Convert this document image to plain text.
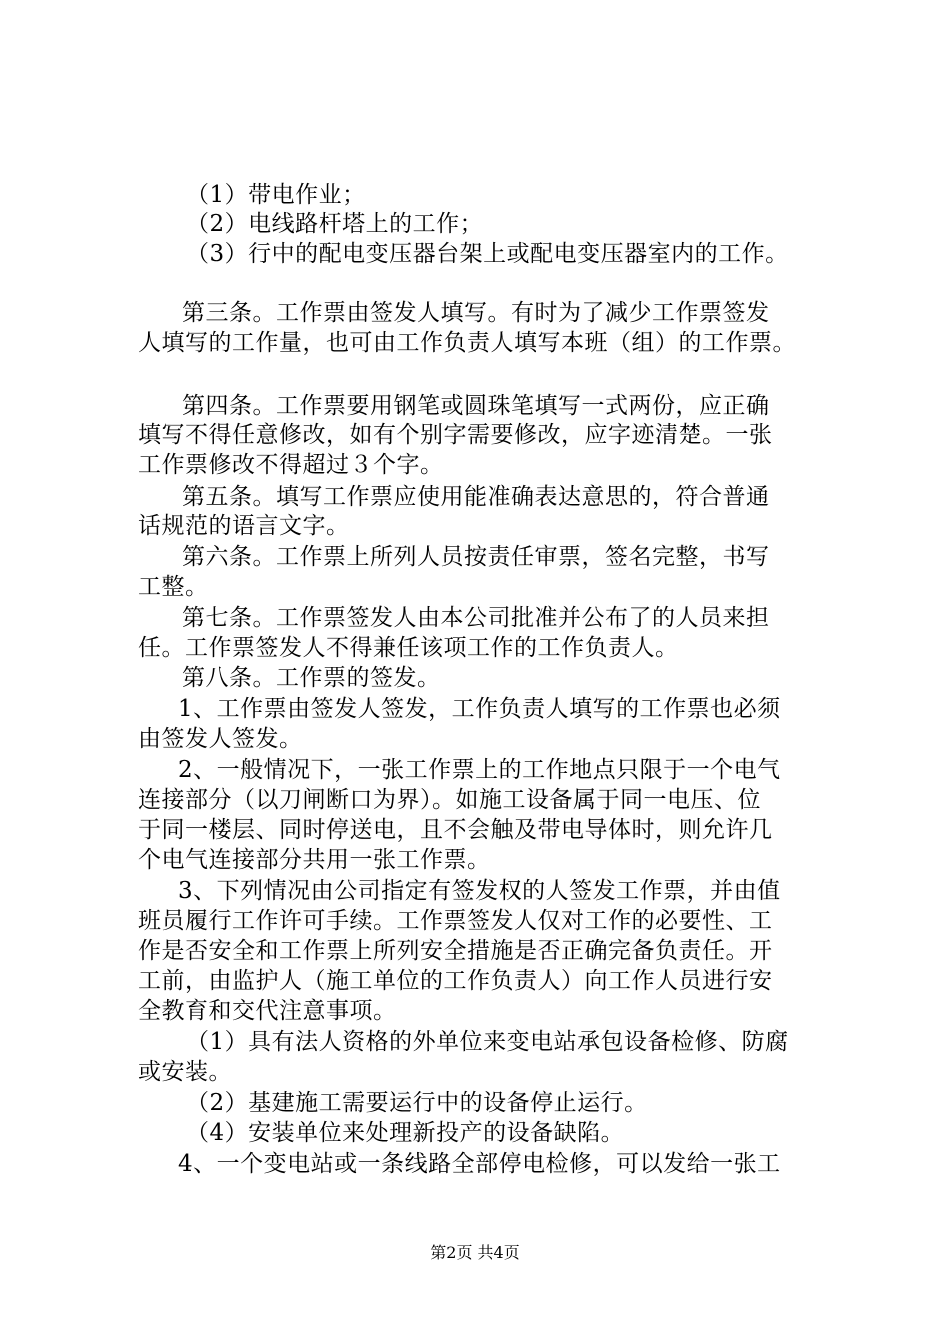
（1）带电作业；
（2）电线路杆塔上的工作；
（3）行中的配电变压器台架上或配电变压器室内的工作。
第三条。工作票由签发人填写。有时为了减少工作票签发
人填写的工作量，也可由工作负责人填写本班（组）的工作票。
第四条。工作票要用钢笔或圆珠笔填写一式两份，应正确
填写不得任意修改，如有个别字需要修改，应字迹清楚。一张
工作票修改不得超过３个字。
第五条。填写工作票应使用能准确表达意思的，符合普通
话规范的语言文字。
第六条。工作票上所列人员按责任审票，签名完整，书写
工整。
第七条。工作票签发人由本公司批准并公布了的人员来担
任。工作票签发人不得兼任该项工作的工作负责人。
第八条。工作票的签发。
1、工作票由签发人签发，工作负责人填写的工作票也必须
由签发人签发。
2、一般情况下，一张工作票上的工作地点只限于一个电气
连接部分（以刀闸断口为界）。如施工设备属于同一电压、位
于同一楼层、同时停送电，且不会触及带电导体时，则允许几
个电气连接部分共用一张工作票。
3、下列情况由公司指定有签发权的人签发工作票，并由值
班员履行工作许可手续。工作票签发人仅对工作的必要性、工
作是否安全和工作票上所列安全措施是否正确完备负责任。开
工前，由监护人（施工单位的工作负责人）向工作人员进行安
全教育和交代注意事项。
（1）具有法人资格的外单位来变电站承包设备检修、防腐
或安装。
（2）基建施工需要运行中的设备停止运行。
（4）安装单位来处理新投产的设备缺陷。
4、一个变电站或一条线路全部停电检修，可以发给一张工
第2页 共4页
